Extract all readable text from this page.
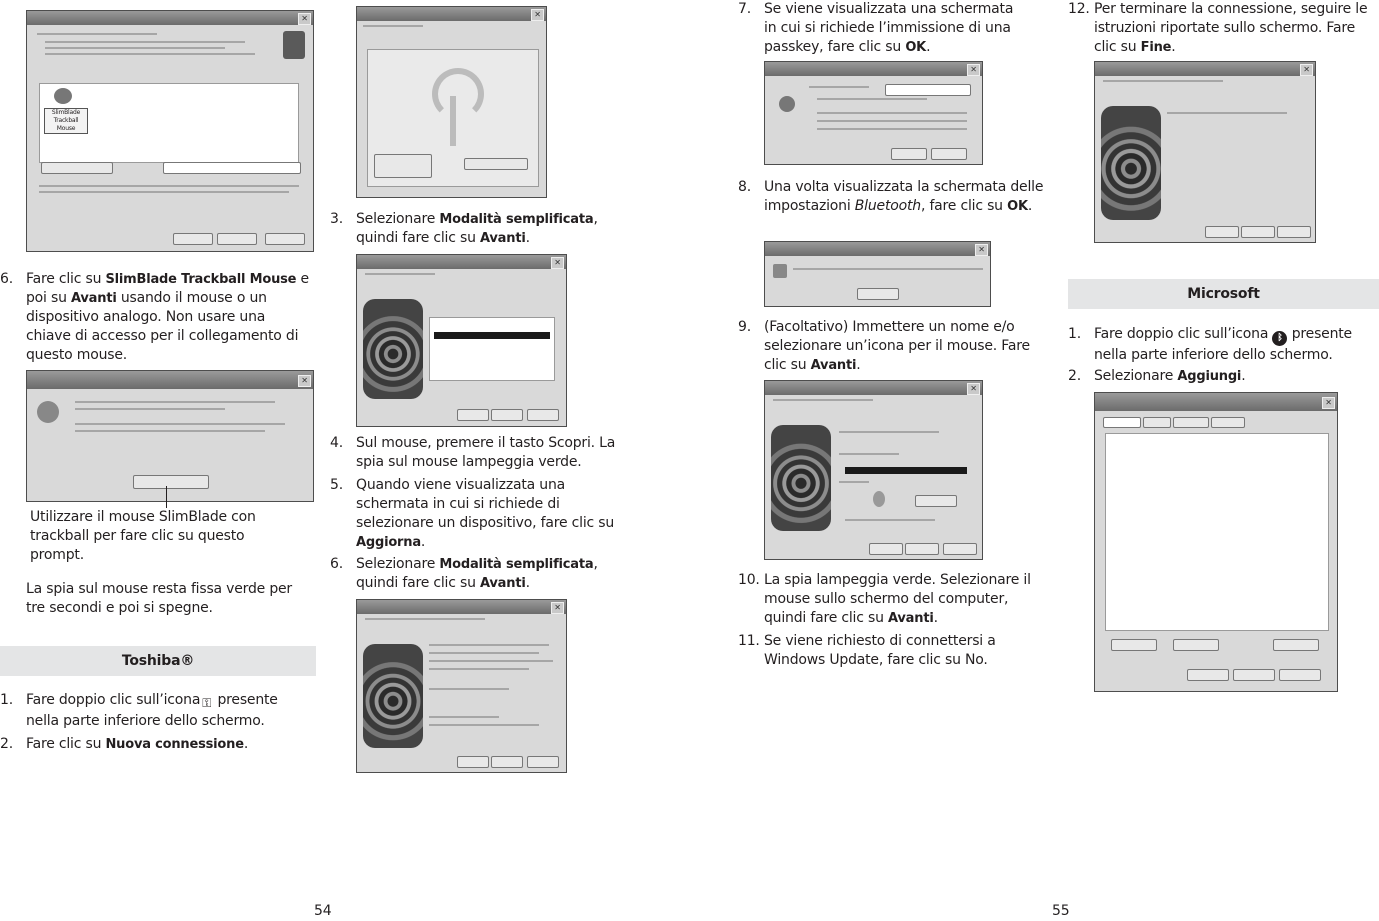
✕
SlimBlade Trackball Mouse
6. Fare clic su SlimBlade Trackball Mouse e poi su Avanti usando il mouse o un dispositivo analogo. Non usare una chiave di accesso per il collegamento di questo mouse.
✕
Utilizzare il mouse SlimBlade con trackball per fare clic su questo prompt.
La spia sul mouse resta fissa verde per tre secondi e poi si spegne.
Toshiba®
1. Fare doppio clic sull’icona ⚿ presente nella parte inferiore dello schermo.
2. Fare clic su Nuova connessione.
✕
3. Selezionare Modalità semplificata, quindi fare clic su Avanti.
✕
4. Sul mouse, premere il tasto Scopri. La spia sul mouse lampeggia verde.
5. Quando viene visualizzata una schermata in cui si richiede di selezionare un dispositivo, fare clic su Aggiorna.
6. Selezionare Modalità semplificata, quindi fare clic su Avanti.
✕
54
7. Se viene visualizzata una schermata in cui si richiede l’immissione di una passkey, fare clic su OK.
✕
8. Una volta visualizzata la schermata delle impostazioni Bluetooth, fare clic su OK.
✕
9. (Facoltativo) Immettere un nome e/o selezionare un’icona per il mouse. Fare clic su Avanti.
✕
10. La spia lampeggia verde. Selezionare il mouse sullo schermo del computer, quindi fare clic su Avanti.
11. Se viene richiesto di connettersi a Windows Update, fare clic su No.
55
12. Per terminare la connessione, seguire le istruzioni riportate sullo schermo. Fare clic su Fine.
✕
Microsoft
1. Fare doppio clic sull’icona ᛒ presente nella parte inferiore dello schermo.
2. Selezionare Aggiungi.
✕
